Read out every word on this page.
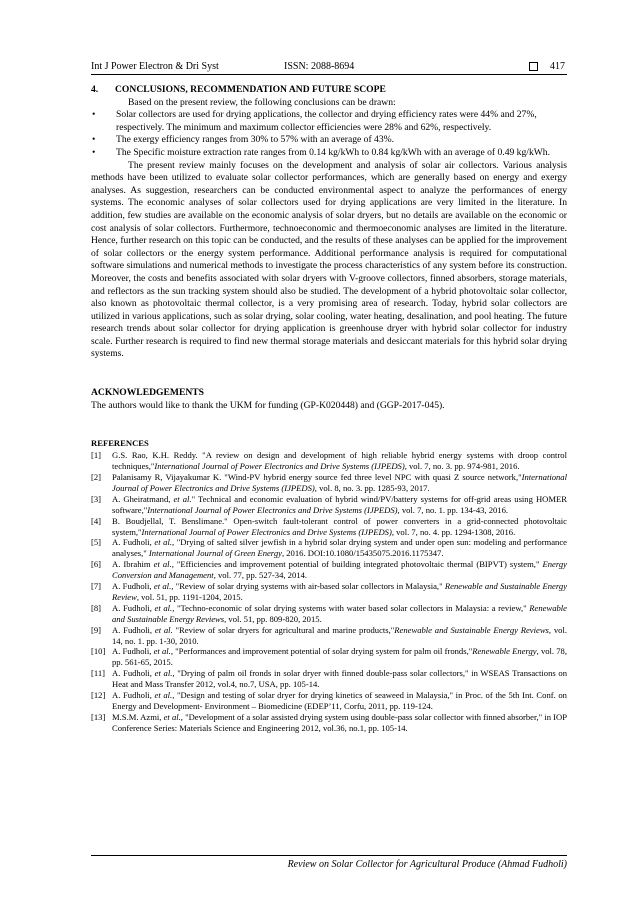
Int J Power Electron & Dri Syst	ISSN: 2088-8694	417
4. CONCLUSIONS, RECOMMENDATION AND FUTURE SCOPE
Based on the present review, the following conclusions can be drawn:
•	Solar collectors are used for drying applications, the collector and drying efficiency rates were 44% and 27%, respectively. The minimum and maximum collector efficiencies were 28% and 62%, respectively.
•	The exergy efficiency ranges from 30% to 57% with an average of 43%.
•	The Specific moisture extraction rate ranges from 0.14 kg/kWh to 0.84 kg/kWh with an average of 0.49 kg/kWh.

The present review mainly focuses on the development and analysis of solar air collectors. Various analysis methods have been utilized to evaluate solar collector performances, which are generally based on energy and exergy analyses. As suggestion, researchers can be conducted environmental aspect to analyze the performances of energy systems. The economic analyses of solar collectors used for drying applications are very limited in the literature. In addition, few studies are available on the economic analysis of solar dryers, but no details are available on the economic or cost analysis of solar collectors. Furthermore, technoeconomic and thermoeconomic analyses are limited in the literature. Hence, further research on this topic can be conducted, and the results of these analyses can be applied for the improvement of solar collectors or the energy system performance. Additional performance analysis is required for computational software simulations and numerical methods to investigate the process characteristics of any system before its construction. Moreover, the costs and benefits associated with solar dryers with V-groove collectors, finned absorbers, storage materials, and reflectors as the sun tracking system should also be studied. The development of a hybrid photovoltaic solar collector, also known as photovoltaic thermal collector, is a very promising area of research. Today, hybrid solar collectors are utilized in various applications, such as solar drying, solar cooling, water heating, desalination, and pool heating. The future research trends about solar collector for drying application is greenhouse dryer with hybrid solar collector for industry scale. Further research is required to find new thermal storage materials and desiccant materials for this hybrid solar drying systems.

ACKNOWLEDGEMENTS
The authors would like to thank the UKM for funding (GP-K020448) and (GGP-2017-045).
REFERENCES
[1]	G.S. Rao, K.H. Reddy. "A review on design and development of high reliable hybrid energy systems with droop control techniques,"International Journal of Power Electronics and Drive Systems (IJPEDS), vol. 7, no. 3. pp. 974-981, 2016.
[2]	Palanisamy R, Vijayakumar K. "Wind-PV hybrid energy source fed three level NPC with quasi Z source network,"International Journal of Power Electronics and Drive Systems (IJPEDS), vol. 8, no. 3. pp. 1285-93, 2017.
[3]	A. Gheiratmand, et al." Technical and economic evaluation of hybrid wind/PV/battery systems for off-grid areas using HOMER software,"International Journal of Power Electronics and Drive Systems (IJPEDS), vol. 7, no. 1. pp. 134-43, 2016.
[4]	B. Boudjellal, T. Benslimane." Open-switch fault-tolerant control of power converters in a grid-connected photovoltaic system,"International Journal of Power Electronics and Drive Systems (IJPEDS), vol. 7, no. 4. pp. 1294-1308, 2016.
[5]	A. Fudholi, et al., "Drying of salted silver jewfish in a hybrid solar drying system and under open sun: modeling and performance analyses," International Journal of Green Energy, 2016. DOI:10.1080/15435075.2016.1175347.
[6]	A. Ibrahim et al., "Efficiencies and improvement potential of building integrated photovoltaic thermal (BIPVT) system," Energy Conversion and Management, vol. 77, pp. 527-34, 2014.
[7]	A. Fudholi, et al., "Review of solar drying systems with air-based solar collectors in Malaysia," Renewable and Sustainable Energy Review, vol. 51, pp. 1191-1204, 2015.
[8]	A. Fudholi, et al., "Techno-economic of solar drying systems with water based solar collectors in Malaysia: a review," Renewable and Sustainable Energy Reviews, vol. 51, pp. 809-820, 2015.
[9]	A. Fudholi, et al. "Review of solar dryers for agricultural and marine products,"Renewable and Sustainable Energy Reviews, vol. 14, no. 1. pp. 1-30, 2010.
[10] A. Fudholi, et al., "Performances and improvement potential of solar drying system for palm oil fronds,"Renewable Energy, vol. 78, pp. 561-65, 2015.
[11] A. Fudholi, et al., "Drying of palm oil fronds in solar dryer with finned double-pass solar collectors," in WSEAS Transactions on Heat and Mass Transfer 2012, vol.4, no.7, USA, pp. 105-14.
[12] A. Fudholi, et al., "Design and testing of solar dryer for drying kinetics of seaweed in Malaysia," in Proc. of the 5th Int. Conf. on Energy and Development- Environment – Biomedicine (EDEP’11, Corfu, 2011, pp. 119-124.
[13] M.S.M. Azmi, et al., "Development of a solar assisted drying system using double-pass solar collector with finned absorber," in IOP Conference Series: Materials Science and Engineering 2012, vol.36, no.1, pp. 105-14.
Review on Solar Collector for Agricultural Produce (Ahmad Fudholi)
